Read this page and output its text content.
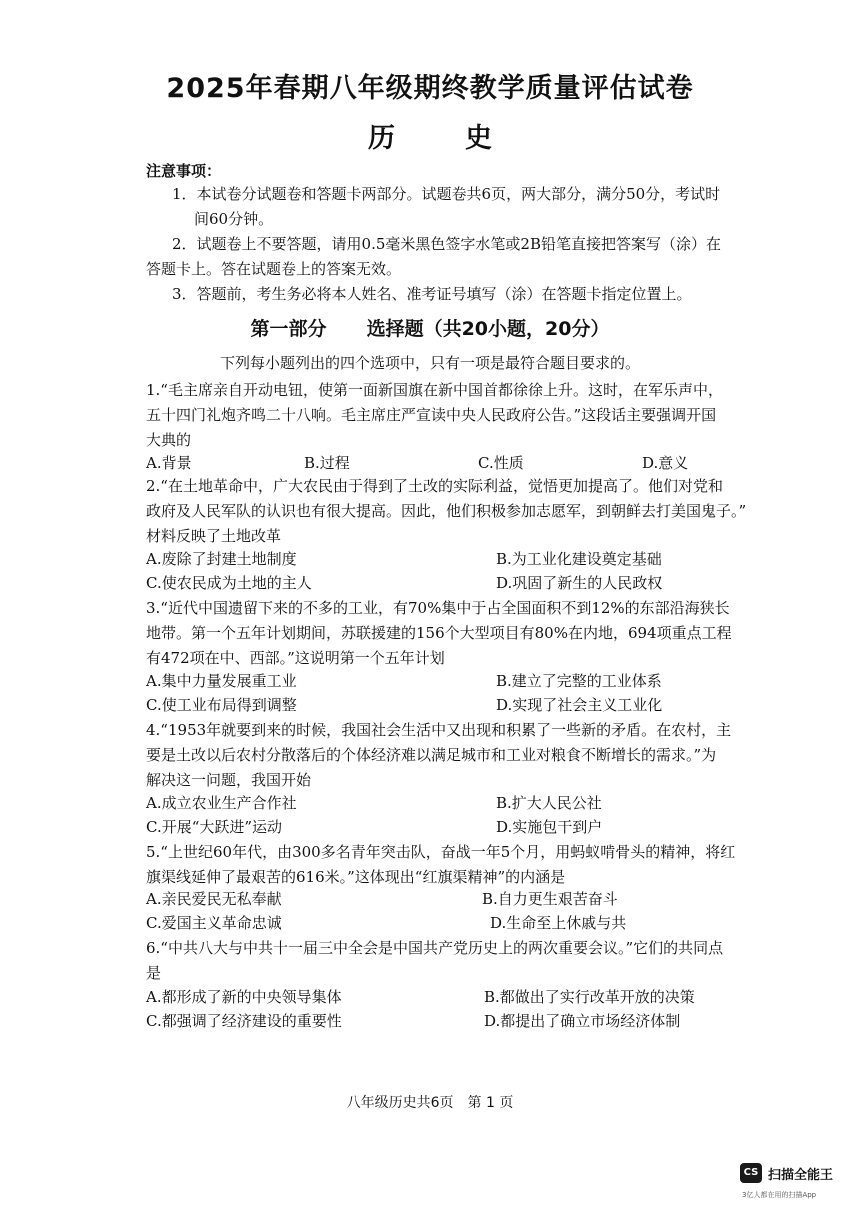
2025年春期八年级期终教学质量评估试卷
历史
注意事项：
1．本试卷分试题卷和答题卡两部分。试题卷共6页，两大部分，满分50分，考试时
间60分钟。
2．试题卷上不要答题，请用0.5毫米黑色签字水笔或2B铅笔直接把答案写（涂）在
答题卡上。答在试题卷上的答案无效。
3．答题前，考生务必将本人姓名、准考证号填写（涂）在答题卡指定位置上。
第一部分 选择题（共20小题，20分）
下列每小题列出的四个选项中，只有一项是最符合题目要求的。
1.“毛主席亲自开动电钮，使第一面新国旗在新中国首都徐徐上升。这时，在军乐声中，
五十四门礼炮齐鸣二十八响。毛主席庄严宣读中央人民政府公告。”这段话主要强调开国
大典的
A.背景	B.过程	C.性质	D.意义
2.“在土地革命中，广大农民由于得到了土改的实际利益，觉悟更加提高了。他们对党和
政府及人民军队的认识也有很大提高。因此，他们积极参加志愿军，到朝鲜去打美国鬼子。”
材料反映了土地改革
A.废除了封建土地制度	B.为工业化建设奠定基础
C.使农民成为土地的主人	D.巩固了新生的人民政权
3.“近代中国遗留下来的不多的工业，有70%集中于占全国面积不到12%的东部沿海狭长
地带。第一个五年计划期间，苏联援建的156个大型项目有80%在内地，694项重点工程
有472项在中、西部。”这说明第一个五年计划
A.集中力量发展重工业	B.建立了完整的工业体系
C.使工业布局得到调整	D.实现了社会主义工业化
4.“1953年就要到来的时候，我国社会生活中又出现和积累了一些新的矛盾。在农村，主
要是土改以后农村分散落后的个体经济难以满足城市和工业对粮食不断增长的需求。”为
解决这一问题，我国开始
A.成立农业生产合作社	B.扩大人民公社
C.开展“大跃进”运动	D.实施包干到户
5.“上世纪60年代，由300多名青年突击队，奋战一年5个月，用蚂蚁啃骨头的精神，将红
旗渠线延伸了最艰苦的616米。”这体现出“红旗渠精神”的内涵是
A.亲民爱民无私奉献	B.自力更生艰苦奋斗
C.爱国主义革命忠诚	D.生命至上休戚与共
6.“中共八大与中共十一届三中全会是中国共产党历史上的两次重要会议。”它们的共同点
是
A.都形成了新的中央领导集体	B.都做出了实行改革开放的决策
C.都强调了经济建设的重要性	D.都提出了确立市场经济体制
八年级历史共6页 第 1 页
CS 扫描全能王
3亿人都在用的扫描App
